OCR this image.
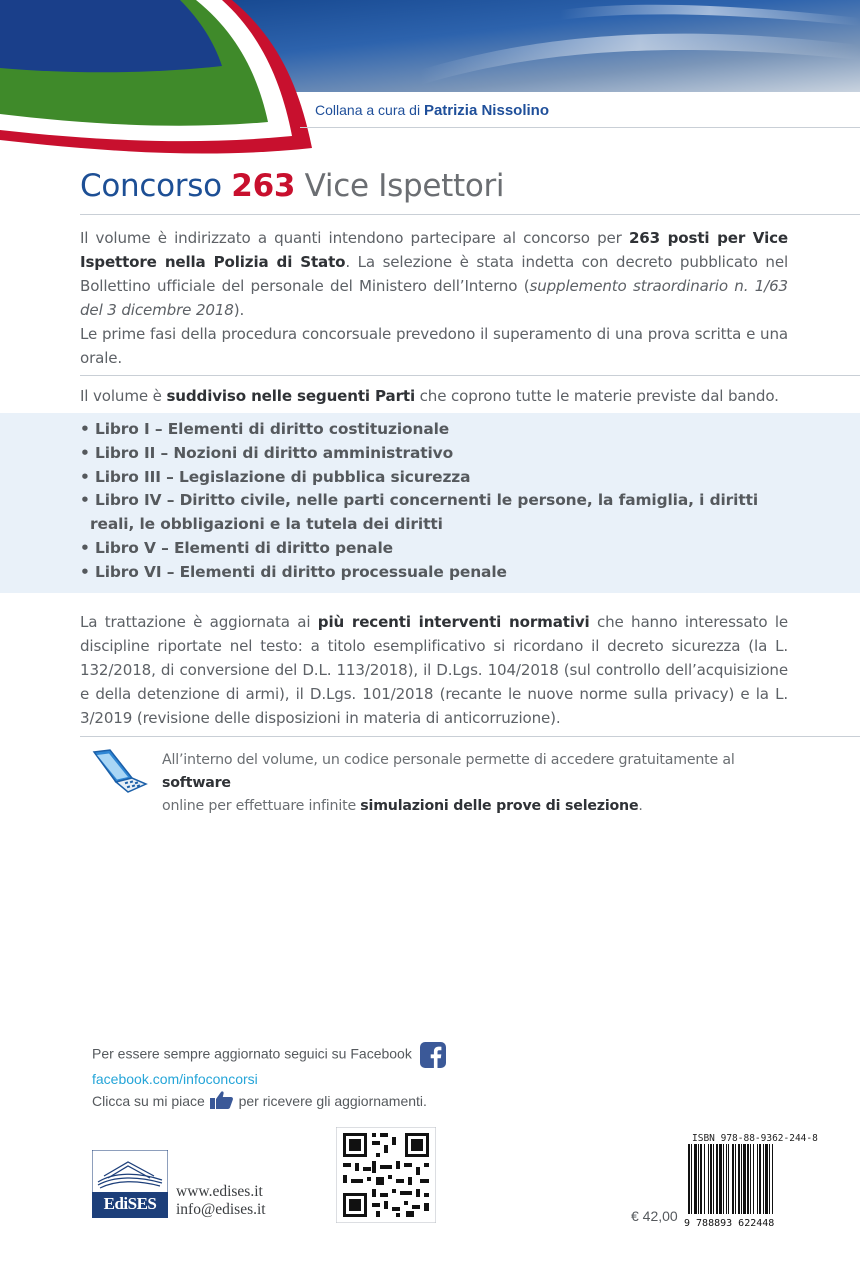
Collana a cura di Patrizia Nissolino
Concorso 263 Vice Ispettori
Il volume è indirizzato a quanti intendono partecipare al concorso per 263 posti per Vice Ispettore nella Polizia di Stato. La selezione è stata indetta con decreto pubblicato nel Bollettino ufficiale del personale del Ministero dell’Interno (supplemento straordinario n. 1/63 del 3 dicembre 2018).
Le prime fasi della procedura concorsuale prevedono il superamento di una prova scritta e una orale.
Il volume è suddiviso nelle seguenti Parti che coprono tutte le materie previste dal bando.
• Libro I – Elementi di diritto costituzionale
• Libro II – Nozioni di diritto amministrativo
• Libro III – Legislazione di pubblica sicurezza
• Libro IV – Diritto civile, nelle parti concernenti le persone, la famiglia, i diritti reali, le obbligazioni e la tutela dei diritti
• Libro V – Elementi di diritto penale
• Libro VI – Elementi di diritto processuale penale
La trattazione è aggiornata ai più recenti interventi normativi che hanno interessato le discipline riportate nel testo: a titolo esemplificativo si ricordano il decreto sicurezza (la L. 132/2018, di conversione del D.L. 113/2018), il D.Lgs. 104/2018 (sul controllo dell’acquisizione e della detenzione di armi), il D.Lgs. 101/2018 (recante le nuove norme sulla privacy) e la L. 3/2019 (revisione delle disposizioni in materia di anticorruzione).
All’interno del volume, un codice personale permette di accedere gratuitamente al software
online per effettuare infinite simulazioni delle prove di selezione.
Per essere sempre aggiornato seguici su Facebook
facebook.com/infoconcorsi
Clicca su mi piace per ricevere gli aggiornamenti.
EdiSES
www.edises.it
info@edises.it	€ 42,00
ISBN 978-88-9362-244-8
9 788893 622448
